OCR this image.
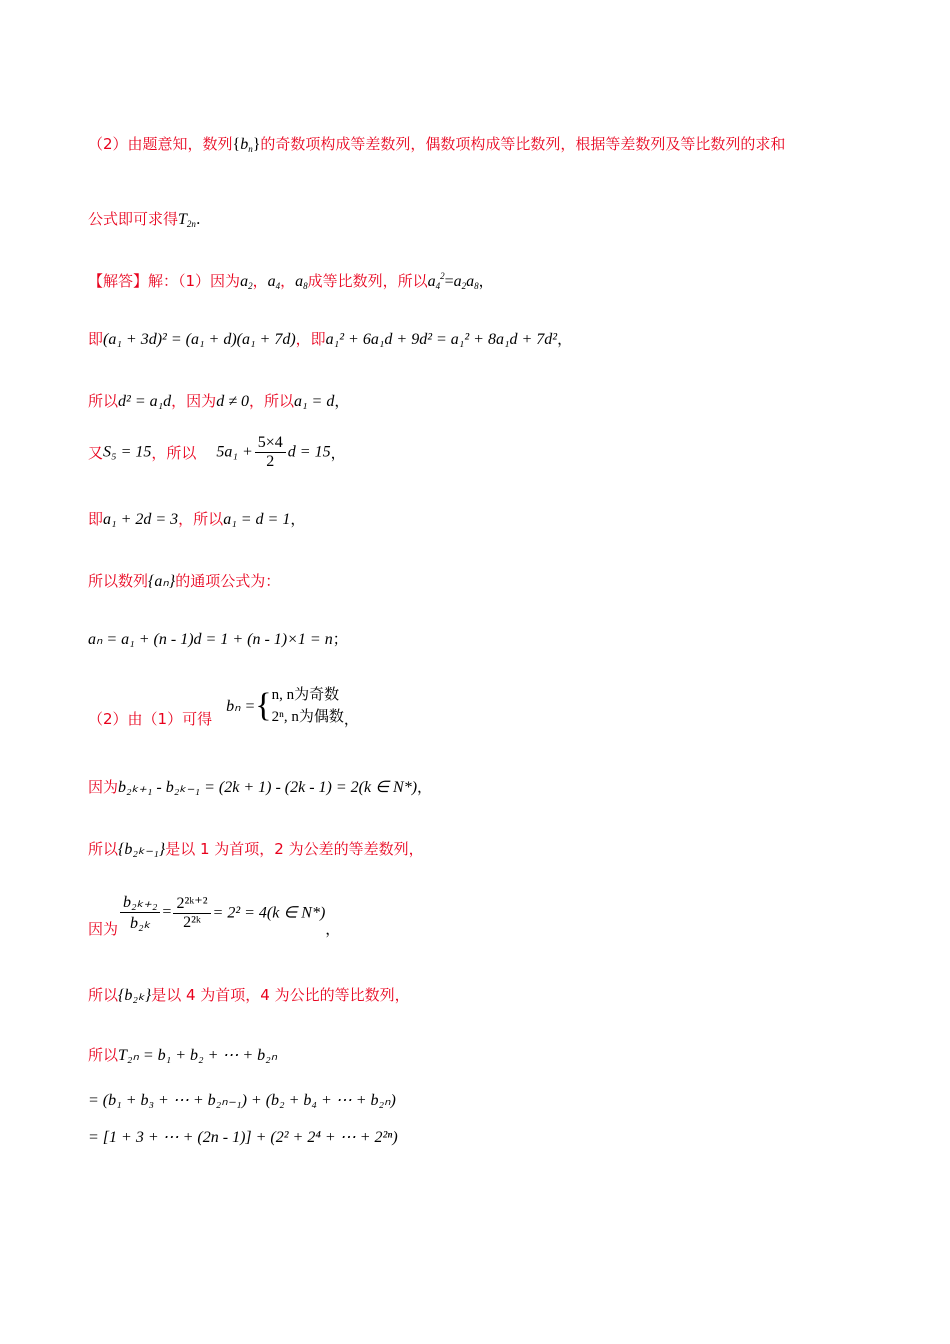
（2）由题意知，数列$\{b_n\}$的奇数项构成等差数列，偶数项构成等比数列，根据等差数列及等比数列的求和
公式即可求得$T_{2n}$.
【解答】解：（1）因为$a_2$，$a_4$，$a_8$成等比数列，所以$a_4^2=a_2a_8$，
即(a₁ + 3d)² = (a₁ + d)(a₁ + 7d)，即a₁² + 6a₁d + 9d² = a₁² + 8a₁d + 7d²，
所以d² = a₁d，因为d ≠ 0，所以a₁ = d，
又S₅ = 15，所以 $5a_1 + \frac{5\times 4}{2}$ d = 15，
即a₁ + 2d = 3，所以a₁ = d = 1，
所以数列{aₙ}的通项公式为：
aₙ = a₁ + (n - 1)d = 1 + (n - 1)×1 = n；
（2）由（1）可得bₙ ={ n, n为奇数
2ⁿ, n为偶数 ，
因为b₂ₖ₊₁ - b₂ₖ₋₁ = (2k + 1) - (2k - 1) = 2(k ∈ N*)，
所以{b₂ₖ₋₁}是以 1 为首项，2 为公差的等差数列，
因为 $\frac{\text{b₂ₖ₊₂}}{\text{b₂ₖ}} = \frac{\text{2²ᵏ⁺²}}{\text{2²ᵏ}} = 2^2 = 4(k$ ∈ N*)，
所以{b₂ₖ}是以 4 为首项，4 为公比的等比数列，
所以T₂ₙ = b₁ + b₂ + ⋯ + b₂ₙ
= (b₁ + b₃ + ⋯ + b₂ₙ₋₁) + (b₂ + b₄ + ⋯ + b₂ₙ)
= [1 + 3 + ⋯ + (2n - 1)] + (2² + 2⁴ + ⋯ + 2²ⁿ)
